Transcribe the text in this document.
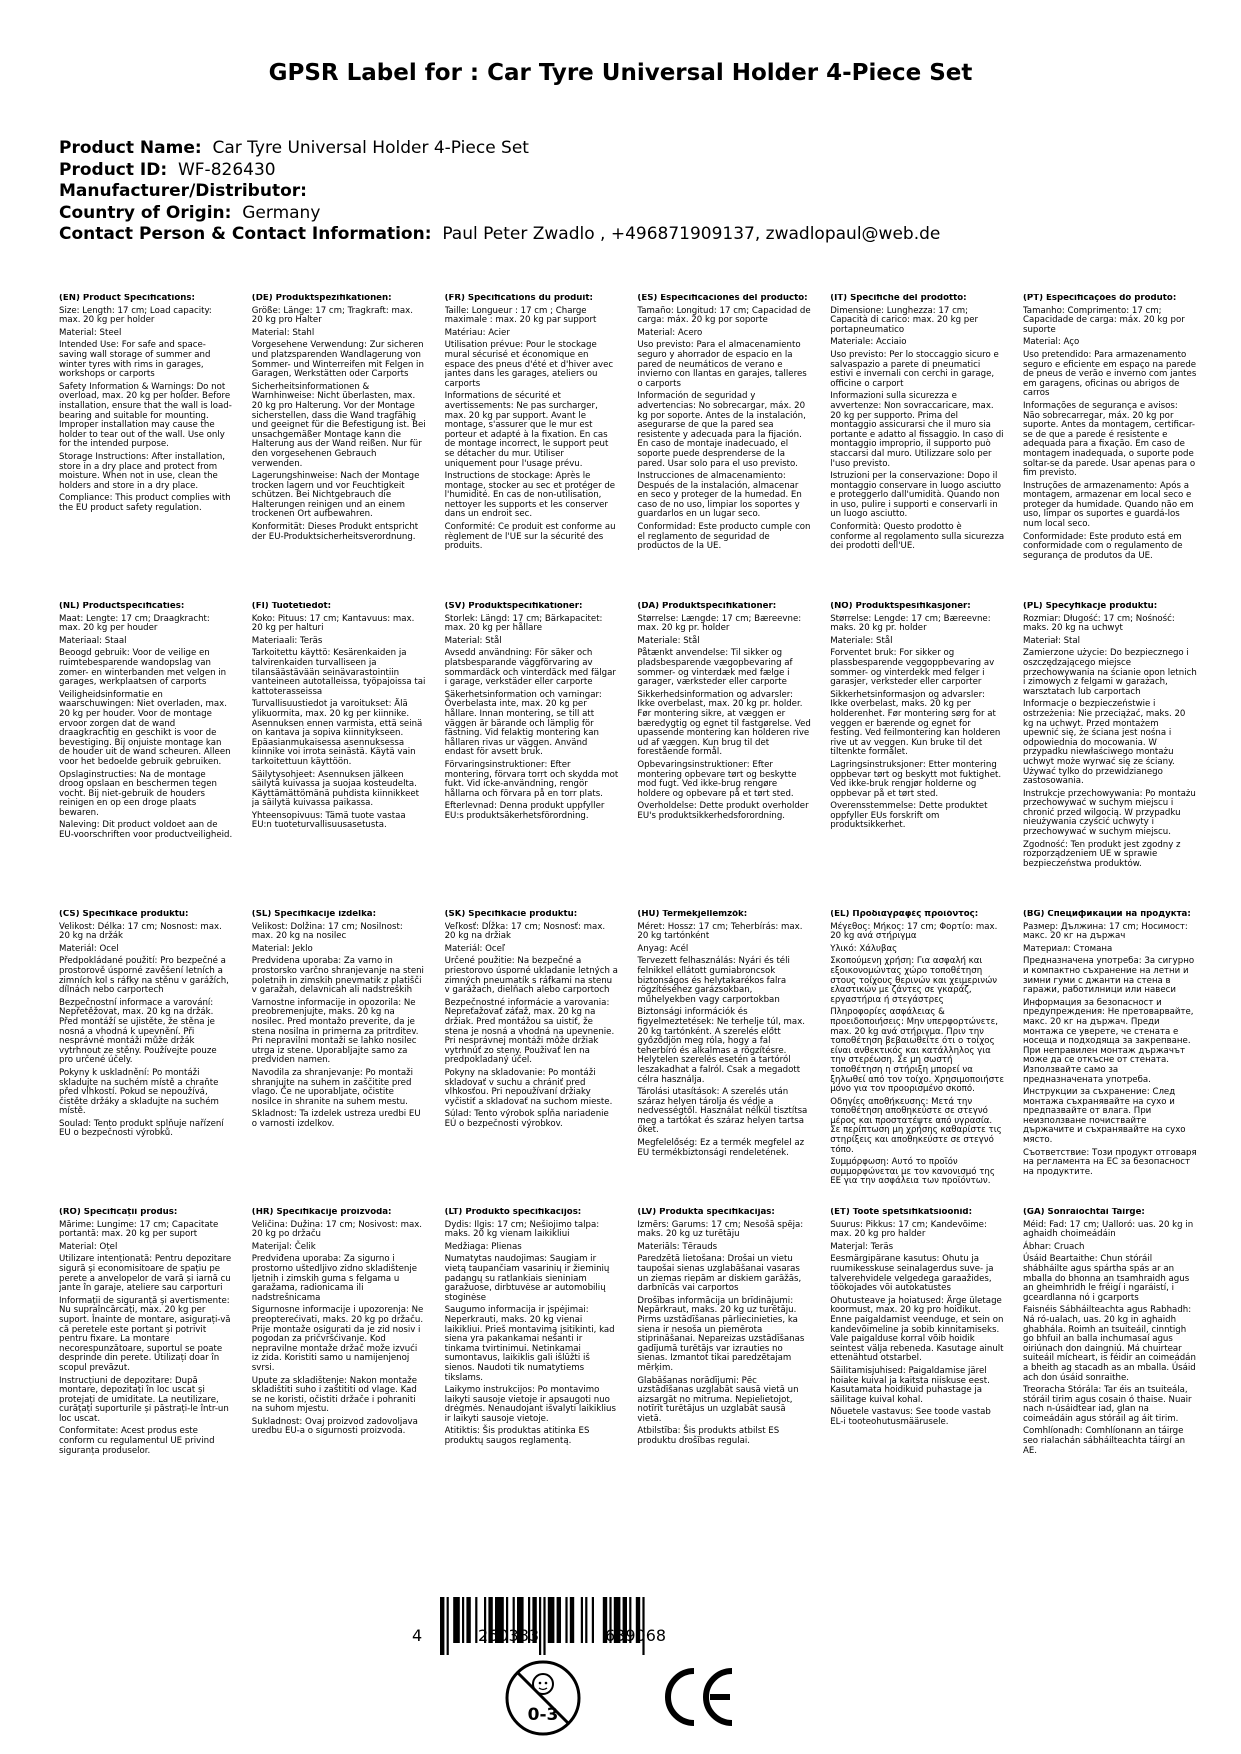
GPSR Label for : Car Tyre Universal Holder 4-Piece Set
Product Name: Car Tyre Universal Holder 4-Piece Set
Product ID: WF-826430
Manufacturer/Distributor:
Country of Origin: Germany
Contact Person & Contact Information: Paul Peter Zwadlo , +496871909137, zwadlopaul@web.de

(EN) Product Specifications:

Size: Length: 17 cm; Load capacity: max. 20 kg per holder

Material: Steel

Intended Use: For safe and space-saving wall storage of summer and winter tyres with rims in garages, workshops or carports

Safety Information & Warnings: Do not overload, max. 20 kg per holder. Before installation, ensure that the wall is load-bearing and suitable for mounting. Improper installation may cause the holder to tear out of the wall. Use only for the intended purpose.

Storage Instructions: After installation, store in a dry place and protect from moisture. When not in use, clean the holders and store in a dry place.

Compliance: This product complies with the EU product safety regulation.

(DE) Produktspezifikationen:

Größe: Länge: 17 cm; Tragkraft: max. 20 kg pro Halter

Material: Stahl

Vorgesehene Verwendung: Zur sicheren und platzsparenden Wandlagerung von Sommer- und Winterreifen mit Felgen in Garagen, Werkstätten oder Carports

Sicherheitsinformationen & Warnhinweise: Nicht überlasten, max. 20 kg pro Halterung. Vor der Montage sicherstellen, dass die Wand tragfähig und geeignet für die Befestigung ist. Bei unsachgemäßer Montage kann die Halterung aus der Wand reißen. Nur für den vorgesehenen Gebrauch verwenden.

Lagerungshinweise: Nach der Montage trocken lagern und vor Feuchtigkeit schützen. Bei Nichtgebrauch die Halterungen reinigen und an einem trockenen Ort aufbewahren.

Konformität: Dieses Produkt entspricht der EU-Produktsicherheitsverordnung.

(FR) Spécifications du produit:

Taille: Longueur : 17 cm ; Charge maximale : max. 20 kg par support

Matériau: Acier

Utilisation prévue: Pour le stockage mural sécurisé et économique en espace des pneus d'été et d'hiver avec jantes dans les garages, ateliers ou carports

Informations de sécurité et avertissements: Ne pas surcharger, max. 20 kg par support. Avant le montage, s'assurer que le mur est porteur et adapté à la fixation. En cas de montage incorrect, le support peut se détacher du mur. Utiliser uniquement pour l'usage prévu.

Instructions de stockage: Après le montage, stocker au sec et protéger de l'humidité. En cas de non-utilisation, nettoyer les supports et les conserver dans un endroit sec.

Conformité: Ce produit est conforme au règlement de l'UE sur la sécurité des produits.

(ES) Especificaciones del producto:

Tamaño: Longitud: 17 cm; Capacidad de carga: máx. 20 kg por soporte

Material: Acero

Uso previsto: Para el almacenamiento seguro y ahorrador de espacio en la pared de neumáticos de verano e invierno con llantas en garajes, talleres o carports

Información de seguridad y advertencias: No sobrecargar, máx. 20 kg por soporte. Antes de la instalación, asegurarse de que la pared sea resistente y adecuada para la fijación. En caso de montaje inadecuado, el soporte puede desprenderse de la pared. Usar solo para el uso previsto.

Instrucciones de almacenamiento: Después de la instalación, almacenar en seco y proteger de la humedad. En caso de no uso, limpiar los soportes y guardarlos en un lugar seco.

Conformidad: Este producto cumple con el reglamento de seguridad de productos de la UE.

(IT) Specifiche del prodotto:

Dimensione: Lunghezza: 17 cm; Capacità di carico: max. 20 kg per portapneumatico

Materiale: Acciaio

Uso previsto: Per lo stoccaggio sicuro e salvaspazio a parete di pneumatici estivi e invernali con cerchi in garage, officine o carport

Informazioni sulla sicurezza e avvertenze: Non sovraccaricare, max. 20 kg per supporto. Prima del montaggio assicurarsi che il muro sia portante e adatto al fissaggio. In caso di montaggio improprio, il supporto può staccarsi dal muro. Utilizzare solo per l'uso previsto.

Istruzioni per la conservazione: Dopo il montaggio conservare in luogo asciutto e proteggerlo dall'umidità. Quando non in uso, pulire i supporti e conservarli in un luogo asciutto.

Conformità: Questo prodotto è conforme al regolamento sulla sicurezza dei prodotti dell'UE.

(PT) Especificações do produto:

Tamanho: Comprimento: 17 cm; Capacidade de carga: máx. 20 kg por suporte

Material: Aço

Uso pretendido: Para armazenamento seguro e eficiente em espaço na parede de pneus de verão e inverno com jantes em garagens, oficinas ou abrigos de carros

Informações de segurança e avisos: Não sobrecarregar, máx. 20 kg por suporte. Antes da montagem, certificar-se de que a parede é resistente e adequada para a fixação. Em caso de montagem inadequada, o suporte pode soltar-se da parede. Usar apenas para o fim previsto.

Instruções de armazenamento: Após a montagem, armazenar em local seco e proteger da humidade. Quando não em uso, limpar os suportes e guardá-los num local seco.

Conformidade: Este produto está em conformidade com o regulamento de segurança de produtos da UE.

(NL) Productspecificaties:

Maat: Lengte: 17 cm; Draagkracht: max. 20 kg per houder

Materiaal: Staal

Beoogd gebruik: Voor de veilige en ruimtebesparende wandopslag van zomer- en winterbanden met velgen in garages, werkplaatsen of carports

Veiligheidsinformatie en waarschuwingen: Niet overladen, max. 20 kg per houder. Voor de montage ervoor zorgen dat de wand draagkrachtig en geschikt is voor de bevestiging. Bij onjuiste montage kan de houder uit de wand scheuren. Alleen voor het bedoelde gebruik gebruiken.

Opslaginstructies: Na de montage droog opslaan en beschermen tegen vocht. Bij niet-gebruik de houders reinigen en op een droge plaats bewaren.

Naleving: Dit product voldoet aan de EU-voorschriften voor productveiligheid.

(FI) Tuotetiedot:

Koko: Pituus: 17 cm; Kantavuus: max. 20 kg per halturi

Materiaali: Teräs

Tarkoitettu käyttö: Kesärenkaiden ja talvirenkaiden turvalliseen ja tilansäästävään seinävarastointiin vanteineen autotalleissa, työpajoissa tai kattoterasseissa

Turvallisuustiedot ja varoitukset: Älä ylikuormita, max. 20 kg per kiinnike. Asennuksen ennen varmista, että seinä on kantava ja sopiva kiinnitykseen. Epäasianmukaisessa asennuksessa kiinnike voi irrota seinästä. Käytä vain tarkoitettuun käyttöön.

Säilytysohjeet: Asennuksen jälkeen säilytä kuivassa ja suojaa kosteudelta. Käyttämättömänä puhdista kiinnikkeet ja säilytä kuivassa paikassa.

Yhteensopivuus: Tämä tuote vastaa EU:n tuoteturvallisuusasetusta.

(SV) Produktspecifikationer:

Storlek: Längd: 17 cm; Bärkapacitet: max. 20 kg per hållare

Material: Stål

Avsedd användning: För säker och platsbesparande väggförvaring av sommardäck och vinterdäck med fälgar i garage, verkstäder eller carporte

Säkerhetsinformation och varningar: Överbelasta inte, max. 20 kg per hållare. Innan montering, se till att väggen är bärande och lämplig för fästning. Vid felaktig montering kan hållaren rivas ur väggen. Använd endast för avsett bruk.

Förvaringsinstruktioner: Efter montering, förvara torrt och skydda mot fukt. Vid icke-användning, rengör hållarna och förvara på en torr plats.

Efterlevnad: Denna produkt uppfyller EU:s produktsäkerhetsförordning.

(DA) Produktspecifikationer:

Størrelse: Længde: 17 cm; Bæreevne: max. 20 kg pr. holder

Materiale: Stål

Påtænkt anvendelse: Til sikker og pladsbesparende vægopbevaring af sommer- og vinterdæk med fælge i garager, værksteder eller carporte

Sikkerhedsinformation og advarsler: Ikke overbelast, max. 20 kg pr. holder. Før montering sikre, at væggen er bæredygtig og egnet til fastgørelse. Ved upassende montering kan holderen rive ud af væggen. Kun brug til det forestående formål.

Opbevaringsinstruktioner: Efter montering opbevare tørt og beskytte mod fugt. Ved ikke-brug rengøre holdere og opbevare på et tørt sted.

Overholdelse: Dette produkt overholder EU's produktsikkerhedsforordning.

(NO) Produktspesifikasjoner:

Størrelse: Lengde: 17 cm; Bæreevne: maks. 20 kg pr. holder

Materiale: Stål

Forventet bruk: For sikker og plassbesparende veggoppbevaring av sommer- og vinterdekk med felger i garasjer, verksteder eller carporter

Sikkerhetsinformasjon og advarsler: Ikke overbelast, maks. 20 kg per holderenhet. Før montering sørg for at veggen er bærende og egnet for festing. Ved feilmontering kan holderen rive ut av veggen. Kun bruke til det tiltenkte formålet.

Lagringsinstruksjoner: Etter montering oppbevar tørt og beskytt mot fuktighet. Ved ikke-bruk rengjør holderne og oppbevar på et tørt sted.

Overensstemmelse: Dette produktet oppfyller EUs forskrift om produktsikkerhet.

(PL) Specyfikacje produktu:

Rozmiar: Długość: 17 cm; Nośność: maks. 20 kg na uchwyt

Materiał: Stal

Zamierzone użycie: Do bezpiecznego i oszczędzającego miejsce przechowywania na ścianie opon letnich i zimowych z felgami w garażach, warsztatach lub carportach

Informacje o bezpieczeństwie i ostrzeżenia: Nie przeciążać, maks. 20 kg na uchwyt. Przed montażem upewnić się, że ściana jest nośna i odpowiednia do mocowania. W przypadku niewłaściwego montażu uchwyt może wyrwać się ze ściany. Używać tylko do przewidzianego zastosowania.

Instrukcje przechowywania: Po montażu przechowywać w suchym miejscu i chronić przed wilgocią. W przypadku nieużywania czyścić uchwyty i przechowywać w suchym miejscu.

Zgodność: Ten produkt jest zgodny z rozporządzeniem UE w sprawie bezpieczeństwa produktów.

(CS) Specifikace produktu:

Velikost: Délka: 17 cm; Nosnost: max. 20 kg na držák

Materiál: Ocel

Předpokládané použití: Pro bezpečné a prostorově úsporné zavěšení letních a zimních kol s ráfky na stěnu v garážích, dílnách nebo carportech

Bezpečnostní informace a varování: Nepřetěžovat, max. 20 kg na držák. Před montáží se ujistěte, že stěna je nosná a vhodná k upevnění. Při nesprávné montáži může držák vytrhnout ze stěny. Používejte pouze pro určené účely.

Pokyny k uskladnění: Po montáži skladujte na suchém místě a chraňte před vlhkostí. Pokud se nepoužívá, čistěte držáky a skladujte na suchém místě.

Soulad: Tento produkt splňuje nařízení EU o bezpečnosti výrobků.

(SL) Specifikacije izdelka:

Velikost: Dolžina: 17 cm; Nosilnost: max. 20 kg na nosilec

Material: Jeklo

Predvidena uporaba: Za varno in prostorsko varčno shranjevanje na steni poletnih in zimskih pnevmatik z platišči v garažah, delavnicah ali nadstreških

Varnostne informacije in opozorila: Ne preobremenjujte, maks. 20 kg na nosilec. Pred montažo preverite, da je stena nosilna in primerna za pritrditev. Pri nepravilni montaži se lahko nosilec utrga iz stene. Uporabljajte samo za predviden namen.

Navodila za shranjevanje: Po montaži shranjujte na suhem in zaščitite pred vlago. Če ne uporabljate, očistite nosilce in shranite na suhem mestu.

Skladnost: Ta izdelek ustreza uredbi EU o varnosti izdelkov.

(SK) Špecifikácie produktu:

Veľkosť: Dĺžka: 17 cm; Nosnosť: max. 20 kg na držiak

Materiál: Oceľ

Určené použitie: Na bezpečné a priestorovo úsporné ukladanie letných a zimných pneumatík s ráfkami na stenu v garážach, dielňach alebo carportoch

Bezpečnostné informácie a varovania: Nepreťažovať záťaž, max. 20 kg na držiak. Pred montážou sa uistiť, že stena je nosná a vhodná na upevnenie. Pri nesprávnej montáži môže držiak vytrhnúť zo steny. Použivať len na predpokladaný účel.

Pokyny na skladovanie: Po montáži skladovať v suchu a chrániť pred vlhkosťou. Pri nepoužívaní držiaky vyčistiť a skladovať na suchom mieste.

Súlad: Tento výrobok spĺňa nariadenie EÚ o bezpečnosti výrobkov.

(HU) Termékjellemzők:

Méret: Hossz: 17 cm; Teherbírás: max. 20 kg tartónként

Anyag: Acél

Tervezett felhasználás: Nyári és téli felnikkel ellátott gumiabroncsok biztonságos és helytakarékos falra rögzítéséhez garázsokban, műhelyekben vagy carportokban

Biztonsági információk és figyelmeztetések: Ne terhelje túl, max. 20 kg tartónként. A szerelés előtt győződjön meg róla, hogy a fal teherbíró és alkalmas a rögzítésre. Helytelen szerelés esetén a tartóról leszakadhat a falról. Csak a megadott célra használja.

Tárolási utasítások: A szerelés után száraz helyen tárolja és védje a nedvességtől. Használat nélkül tisztítsa meg a tartókat és száraz helyen tartsa őket.

Megfelelőség: Ez a termék megfelel az EU termékbiztonsági rendeletének.

(EL) Προδιαγραφές προϊόντος:

Μέγεθος: Μήκος: 17 cm; Φορτίο: max. 20 kg ανά στήριγμα

Υλικό: Χάλυβας

Σκοπούμενη χρήση: Για ασφαλή και εξοικονομώντας χώρο τοποθέτηση στους τοίχους θερινών και χειμερινών ελαστικών με ζάντες σε γκαράζ, εργαστήρια ή στεγάστρες

Πληροφορίες ασφάλειας & προειδοποιήσεις: Μην υπερφορτώνετε, max. 20 kg ανά στήριγμα. Πριν την τοποθέτηση βεβαιωθείτε ότι ο τοίχος είναι ανθεκτικός και κατάλληλος για την στερέωση. Σε μη σωστή τοποθέτηση η στήριξη μπορεί να ξηλωθεί από τον τοίχο. Χρησιμοποιήστε μόνο για τον προορισμένο σκοπό.

Οδηγίες αποθήκευσης: Μετά την τοποθέτηση αποθηκεύστε σε στεγνό μέρος και προστατέψτε από υγρασία. Σε περίπτωση μη χρήσης καθαρίστε τις στηρίξεις και αποθηκεύστε σε στεγνό τόπο.

Συμμόρφωση: Αυτό το προϊόν συμμορφώνεται με τον κανονισμό της ΕΕ για την ασφάλεια των προϊόντων.

(BG) Спецификации на продукта:

Размер: Дължина: 17 cm; Носимост: макс. 20 кг на държач

Материал: Стомана

Предназначена употреба: За сигурно и компактно съхранение на летни и зимни гуми с джанти на стена в гаражи, работилници или навеси

Информация за безопасност и предупреждения: Не претоварвайте, макс. 20 кг на държач. Преди монтажа се уверете, че стената е носеща и подходяща за закрепване. При неправилен монтаж държачът може да се откъсне от стената. Използвайте само за предназначената употреба.

Инструкции за съхранение: След монтажа съхранявайте на сухо и предпазвайте от влага. При неизползване почиствайте държачите и съхранявайте на сухо място.

Съответствие: Този продукт отговаря на регламента на ЕС за безопасност на продуктите.

(RO) Specificații produs:

Mărime: Lungime: 17 cm; Capacitate portantă: max. 20 kg per suport

Material: Oțel

Utilizare intenționată: Pentru depozitare sigură și economisitoare de spațiu pe perete a anvelopelor de vară și iarnă cu jante în garaje, ateliere sau carporturi

Informații de siguranță și avertismente: Nu supraîncărcați, max. 20 kg per suport. Înainte de montare, asigurați-vă că peretele este portant și potrivit pentru fixare. La montare necorespunzătoare, suportul se poate desprinde din perete. Utilizați doar în scopul prevăzut.

Instrucțiuni de depozitare: După montare, depozitați în loc uscat și protejați de umiditate. La neutilizare, curățați suporturile și păstrați-le într-un loc uscat.

Conformitate: Acest produs este conform cu regulamentul UE privind siguranța produselor.

(HR) Specifikacije proizvoda:

Veličina: Dužina: 17 cm; Nosivost: max. 20 kg po držaču

Materijal: Čelik

Predviđena uporaba: Za sigurno i prostorno uštedljivo zidno skladištenje ljetnih i zimskih guma s felgama u garažama, radionicama ili nadstrešnicama

Sigurnosne informacije i upozorenja: Ne preopterećivati, maks. 20 kg po držaču. Prije montaže osigurati da je zid nosiv i pogodan za pričvršćivanje. Kod nepravilne montaže držač može izvući iz zida. Koristiti samo u namijenjenoj svrsi.

Upute za skladištenje: Nakon montaže skladištiti suho i zaštititi od vlage. Kad se ne koristi, očistiti držače i pohraniti na suhom mjestu.

Sukladnost: Ovaj proizvod zadovoljava uredbu EU-a o sigurnosti proizvoda.

(LT) Produkto specifikacijos:

Dydis: Ilgis: 17 cm; Nešiojimo talpa: maks. 20 kg vienam laikikliui

Medžiaga: Plienas

Numatytas naudojimas: Saugiam ir vietą taupančiam vasarinių ir žieminių padangų su ratlankiais sieniniam garažuose, dirbtuvėse ar automobilių stoginėse

Saugumo informacija ir įspėjimai: Neperkrauti, maks. 20 kg vienai laikikliui. Prieš montavimą įsitikinti, kad siena yra pakankamai nešanti ir tinkama tvirtinimui. Netinkamai sumontavus, laikiklis gali išlūžti iš sienos. Naudoti tik numatytiems tikslams.

Laikymo instrukcijos: Po montavimo laikyti sausoje vietoje ir apsaugoti nuo drėgmės. Nenaudojant išvalyti laikiklius ir laikyti sausoje vietoje.

Atitiktis: Šis produktas atitinka ES produktų saugos reglamentą.

(LV) Produkta specifikācijas:

Izmērs: Garums: 17 cm; Nesošā spēja: maks. 20 kg uz turētāju

Materiāls: Tērauds

Paredzētā lietošana: Drošai un vietu taupošai sienas uzglabāšanai vasaras un ziemas riepām ar diskiem garāžās, darbnīcās vai carportos

Drošības informācija un brīdinājumi: Nepārkraut, maks. 20 kg uz turētāju. Pirms uzstādīšanas pārliecinieties, ka siena ir nesoša un piemērota stiprināšanai. Nepareizas uzstādīšanas gadījumā turētājs var izrauties no sienas. Izmantot tikai paredzētajam mērķim.

Glabāšanas norādījumi: Pēc uzstādīšanas uzglabāt sausā vietā un aizsargāt no mitruma. Nepielietojot, notīrīt turētājus un uzglabāt sausā vietā.

Atbilstība: Šis produkts atbilst ES produktu drošības regulai.

(ET) Toote spetsifikatsioonid:

Suurus: Pikkus: 17 cm; Kandevõime: max. 20 kg pro halder

Materjal: Teräs

Eesmärgipärane kasutus: Ohutu ja ruumikesskuse seinalagerdus suve- ja talverehvidele velgedega garaažides, töökojades või autokatustes

Ohutusteave ja hoiatused: Ärge ületage koormust, max. 20 kg pro hoidikut. Enne paigaldamist veenduge, et sein on kandevõimeline ja sobib kinnitamiseks. Vale paigalduse korral võib hoidik seintest välja rebeneda. Kasutage ainult ettenähtud otstarbel.

Säilitamisjuhised: Paigaldamise järel hoiake kuival ja kaitsta niiskuse eest. Kasutamata hoidikuid puhastage ja säilitage kuival kohal.

Nõuetele vastavus: See toode vastab EL-i tooteohutusmäärusele.

(GA) Sonraíochtaí Táirge:

Méid: Fad: 17 cm; Ualloró: uas. 20 kg in aghaidh choimeádáin

Ábhar: Cruach

Úsáid Beartaithe: Chun stóráil shábháilte agus spártha spás ar an mballa do bhonna an tsamhraidh agus an gheimhridh le fréigí i ngaráistí, i gceardlanna nó i gcarports

Faisnéis Sábháilteachta agus Rabhadh: Ná ró-ualach, uas. 20 kg in aghaidh ghabhála. Roimh an tsuiteáil, cinntigh go bhfuil an balla inchumasaí agus oiriúnach don daingniú. Má chuirtear suiteáil mícheart, is féidir an coimeádán a bheith ag stacadh as an mballa. Úsáid ach don úsáid sonraithe.

Treoracha Stórála: Tar éis an tsuiteála, stóráil tirim agus cosain ó thaise. Nuair nach n-úsáidtear iad, glan na coimeádáin agus stóráil ag áit tirim.

Comhlíonadh: Comhlíonann an táirge seo rialachán sábháilteachta táirgí an AE.

4	260383	639068
0-3
